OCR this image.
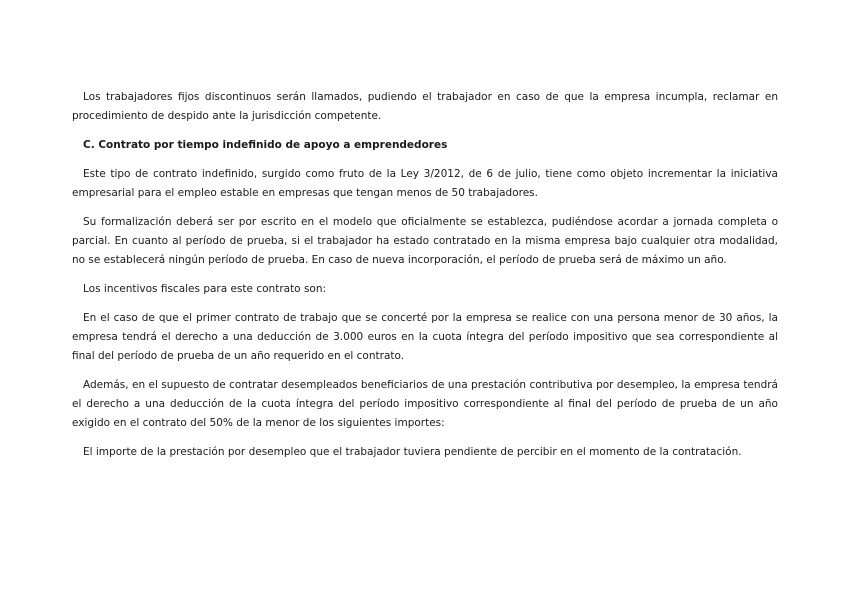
Los trabajadores fijos discontinuos serán llamados, pudiendo el trabajador en caso de que la empresa incumpla, reclamar en procedimiento de despido ante la jurisdicción competente.

C. Contrato por tiempo indefinido de apoyo a emprendedores

Este tipo de contrato indefinido, surgido como fruto de la Ley 3/2012, de 6 de julio, tiene como objeto incrementar la iniciativa empresarial para el empleo estable en empresas que tengan menos de 50 trabajadores.

Su formalización deberá ser por escrito en el modelo que oficialmente se establezca, pudiéndose acordar a jornada completa o parcial. En cuanto al período de prueba, si el trabajador ha estado contratado en la misma empresa bajo cualquier otra modalidad, no se establecerá ningún período de prueba. En caso de nueva incorporación, el período de prueba será de máximo un año.

Los incentivos fiscales para este contrato son:

En el caso de que el primer contrato de trabajo que se concerté por la empresa se realice con una persona menor de 30 años, la empresa tendrá el derecho a una deducción de 3.000 euros en la cuota íntegra del período impositivo que sea correspondiente al final del período de prueba de un año requerido en el contrato.

Además, en el supuesto de contratar desempleados beneficiarios de una prestación contributiva por desempleo, la empresa tendrá el derecho a una deducción de la cuota íntegra del período impositivo correspondiente al final del período de prueba de un año exigido en el contrato del 50% de la menor de los siguientes importes:

El importe de la prestación por desempleo que el trabajador tuviera pendiente de percibir en el momento de la contratación.
